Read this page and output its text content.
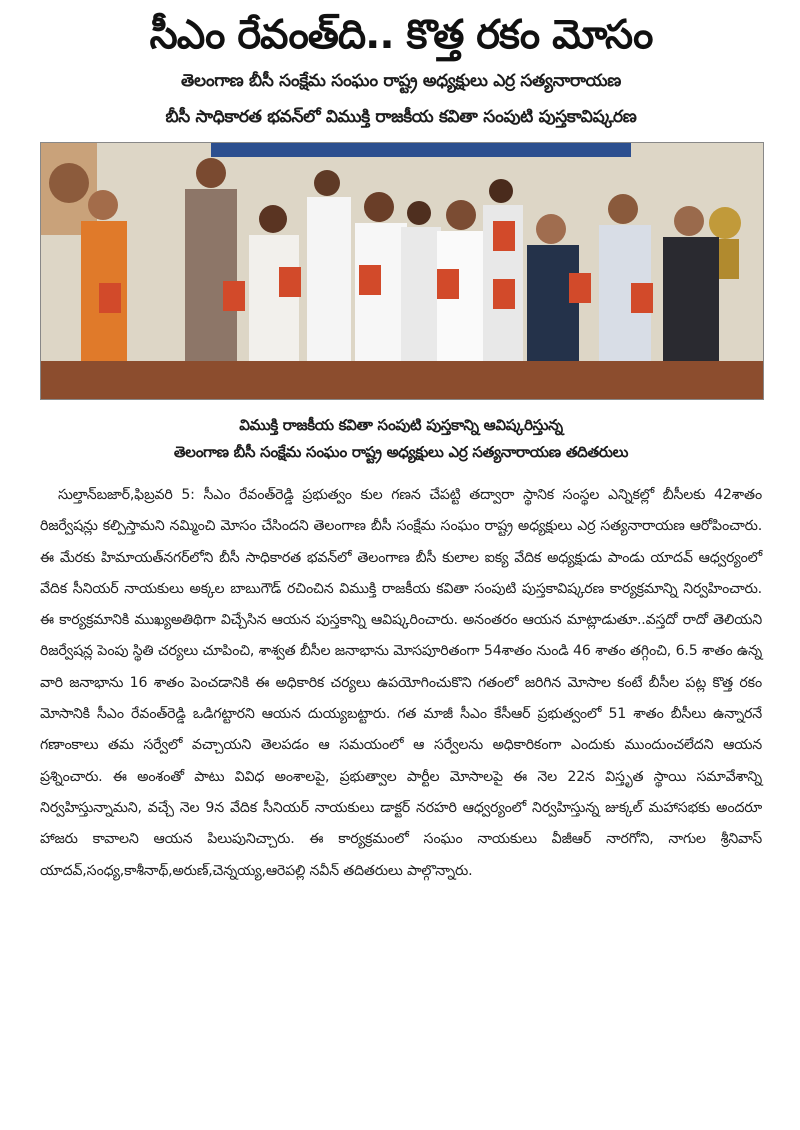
సీఎం రేవంత్‌ది.. కొత్త రకం మోసం
తెలంగాణ బీసీ సంక్షేమ సంఘం రాష్ట్ర అధ్యక్షులు ఎర్ర సత్యనారాయణ
బీసీ సాధికారత భవన్‌లో విముక్తి రాజకీయ కవితా సంపుటి పుస్తకావిష్కరణ
విముక్తి రాజకీయ కవితా సంపుటి పుస్తకాన్ని ఆవిష్కరిస్తున్న
తెలంగాణ బీసీ సంక్షేమ సంఘం రాష్ట్ర అధ్యక్షులు ఎర్ర సత్యనారాయణ తదితరులు
సుల్తాన్‌బజార్,ఫిబ్రవరి 5: సీఎం రేవంత్‌రెడ్డి ప్రభుత్వం కుల గణన చేపట్టి తద్వారా స్థానిక సంస్థల ఎన్నికల్లో బీసీలకు 42శాతం రిజర్వేషన్లు కల్పిస్తామని నమ్మించి మోసం చేసిందని తెలంగాణ బీసీ సంక్షేమ సంఘం రాష్ట్ర అధ్యక్షులు ఎర్ర సత్యనారాయణ ఆరోపించారు. ఈ మేరకు హిమాయత్‌నగర్‌లోని బీసీ సాధికారత భవన్‌లో తెలంగాణ బీసీ కులాల ఐక్య వేదిక అధ్యక్షుడు పాండు యాదవ్ ఆధ్వర్యంలో వేదిక సీనియర్ నాయకులు అక్కల బాబుగౌడ్ రచించిన విముక్తి రాజకీయ కవితా సంపుటి పుస్తకావిష్కరణ కార్యక్రమాన్ని నిర్వహించారు. ఈ కార్యక్రమానికి ముఖ్యఅతిథిగా విచ్చేసిన ఆయన పుస్తకాన్ని ఆవిష్కరించారు. అనంతరం ఆయన మాట్లాడుతూ..వస్తదో రాదో తెలియని రిజర్వేషన్ల పెంపు స్థితి చర్యలు చూపించి, శాశ్వత బీసీల జనాభాను మోసపూరితంగా 54శాతం నుండి 46 శాతం తగ్గించి, 6.5 శాతం ఉన్న వారి జనాభాను 16 శాతం పెంచడానికి ఈ అధికారిక చర్యలు ఉపయోగించుకొని గతంలో జరిగిన మోసాల కంటే బీసీల పట్ల కొత్త రకం మోసానికి సీఎం రేవంత్‌రెడ్డి ఒడిగట్టారని ఆయన దుయ్యబట్టారు. గత మాజీ సీఎం కేసీఆర్ ప్రభుత్వంలో 51 శాతం బీసీలు ఉన్నారనే గణాంకాలు తమ సర్వేలో వచ్చాయని తెలపడం ఆ సమయంలో ఆ సర్వేలను అధికారికంగా ఎందుకు ముందుంచలేదని ఆయన ప్రశ్నించారు. ఈ అంశంతో పాటు వివిధ అంశాలపై, ప్రభుత్వాల పార్టీల మోసాలపై ఈ నెల 22న విస్తృత స్థాయి సమావేశాన్ని నిర్వహిస్తున్నామని, వచ్చే నెల 9న వేదిక సీనియర్ నాయకులు డాక్టర్ నరహరి ఆధ్వర్యంలో నిర్వహిస్తున్న జుక్కల్ మహాసభకు అందరూ హాజరు కావాలని ఆయన పిలుపునిచ్చారు. ఈ కార్యక్రమంలో సంఘం నాయకులు వీజీఆర్ నారగోని, నాగుల శ్రీనివాస్ యాదవ్,సంధ్య,కాశీనాథ్,అరుణ్,చెన్నయ్య,ఆరెపల్లి నవీన్ తదితరులు పాల్గొన్నారు.
